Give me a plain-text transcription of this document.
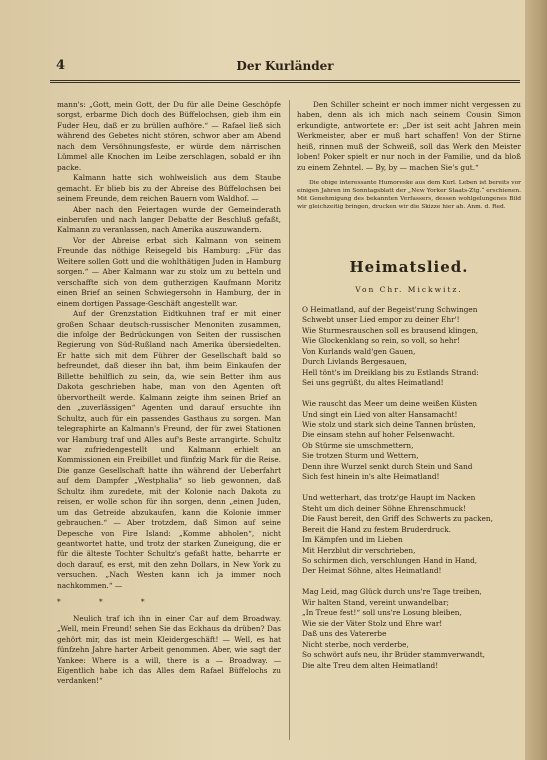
4	Der Kurländer

mann's: „Gott, mein Gott, der Du für alle Deine Geschöpfe sorgst, erbarme Dich doch des Büffelochsen, gieb ihm ein Fuder Heu, daß er zu brüllen aufhöre.“ — Rafael ließ sich während des Gebetes nicht stören, schwor aber am Abend nach dem Versöhnungsfeste, er würde dem närrischen Lümmel alle Knochen im Leibe zerschlagen, sobald er ihn packe.

Kalmann hatte sich wohlweislich aus dem Staube gemacht. Er blieb bis zu der Abreise des Büffelochsen bei seinem Freunde, dem reichen Bauern vom Waldhof. —

Aber nach den Feiertagen wurde der Gemeinderath einberufen und nach langer Debatte der Beschluß gefaßt, Kalmann zu veranlassen, nach Amerika auszuwandern.

Vor der Abreise erbat sich Kalmann von seinem Freunde das nöthige Reisegeld bis Hamburg: „Für das Weitere sollen Gott und die wohlthätigen Juden in Hamburg sorgen.“ — Aber Kalmann war zu stolz um zu betteln und verschaffte sich von dem gutherzigen Kaufmann Moritz einen Brief an seinen Schwiegersohn in Hamburg, der in einem dortigen Passage-Geschäft angestellt war.

Auf der Grenzstation Eidtkuhnen traf er mit einer großen Schaar deutsch-russischer Menoniten zusammen, die infolge der Bedrückungen von Seiten der russischen Regierung von Süd-Rußland nach Amerika übersiedelten. Er hatte sich mit dem Führer der Gesellschaft bald so befreundet, daß dieser ihn bat, ihm beim Einkaufen der Billette behilflich zu sein, da, wie sein Better ihm aus Dakota geschrieben habe, man von den Agenten oft übervortheilt werde. Kalmann zeigte ihm seinen Brief an den „zuverlässigen“ Agenten und darauf ersuchte ihn Schultz, auch für ein passendes Gasthaus zu sorgen. Man telegraphirte an Kalmann's Freund, der für zwei Stationen vor Hamburg traf und Alles auf's Beste arrangirte. Schultz war zufriedengestellt und Kalmann erhielt an Kommissionen ein Freibillet und fünfzig Mark für die Reise. Die ganze Gesellschaft hatte ihn während der Ueberfahrt auf dem Dampfer „Westphalia“ so lieb gewonnen, daß Schultz ihm zuredete, mit der Kolonie nach Dakota zu reisen, er wolle schon für ihn sorgen, denn „einen Juden, um das Getreide abzukaufen, kann die Kolonie immer gebrauchen.“ — Aber trotzdem, daß Simon auf seine Depesche von Fire Island: „Komme abholen“, nicht geantwortet hatte, und trotz der starken Zuneigung, die er für die älteste Tochter Schultz's gefaßt hatte, beharrte er doch darauf, es erst, mit den zehn Dollars, in New York zu versuchen. „Nach Westen kann ich ja immer noch nachkommen.“ —

* * *

Neulich traf ich ihn in einer Car auf dem Broadway. „Well, mein Freund! sehen Sie das Eckhaus da drüben? Das gehört mir, das ist mein Kleidergeschäft! — Well, es hat fünfzehn Jahre harter Arbeit genommen. Aber, wie sagt der Yankee: Where is a will, there is a — Broadway. — Eigentlich habe ich das Alles dem Rafael Büffelochs zu verdanken!“

Den Schiller scheint er noch immer nicht vergessen zu haben, denn als ich mich nach seinem Cousin Simon erkundigte, antwortete er: „Der ist seit acht Jahren mein Werkmeister, aber er muß hart schaffen! Von der Stirne heiß, rinnen muß der Schweiß, soll das Werk den Meister loben! Poker spielt er nur noch in der Familie, und da bloß zu einem Zehntel. — By, by — machen Sie's gut.“

Die obige interessante Humoreske aus dem Kurl. Leben ist bereits vor einigen Jahren im Sonntagsblatt der „New Yorker Staats-Ztg.“ erschienen. Mit Genehmigung des bekannten Verfassers, dessen wohlgelungenes Bild wir gleichzeitig bringen, drucken wir die Skizze hier ab. Anm. d. Red.

Heimatslied.
Von Chr. Mickwitz.
O Heimatland, auf der Begeist'rung Schwingen
Schwebt unser Lied empor zu deiner Ehr'!
Wie Sturmesrauschen soll es brausend klingen,
Wie Glockenklang so rein, so voll, so hehr!
Von Kurlands wald'gen Gauen,
Durch Livlands Bergesauen,
Hell tönt's im Dreiklang bis zu Estlands Strand:
Sei uns gegrüßt, du altes Heimatland!
Wie rauscht das Meer um deine weißen Küsten
Und singt ein Lied von alter Hansamacht!
Wie stolz und stark sich deine Tannen brüsten,
Die einsam stehn auf hoher Felsenwacht.
Ob Stürme sie umschmettern,
Sie trotzen Sturm und Wettern,
Denn ihre Wurzel senkt durch Stein und Sand
Sich fest hinein in's alte Heimatland!
Und wetterhart, das trotz'ge Haupt im Nacken
Steht um dich deiner Söhne Ehrenschmuck!
Die Faust bereit, den Griff des Schwerts zu packen,
Bereit die Hand zu festem Bruderdruck.
Im Kämpfen und im Lieben
Mit Herzblut dir verschrieben,
So schirmen dich, verschlungen Hand in Hand,
Der Heimat Söhne, altes Heimatland!
Mag Leid, mag Glück durch uns're Tage treiben,
Wir halten Stand, vereint unwandelbar;
„In Treue fest!“ soll uns're Losung bleiben,
Wie sie der Väter Stolz und Ehre war!
Daß uns des Vatererbe
Nicht sterbe, noch verderbe,
So schwört aufs neu, ihr Brüder stammverwandt,
Die alte Treu dem alten Heimatland!
